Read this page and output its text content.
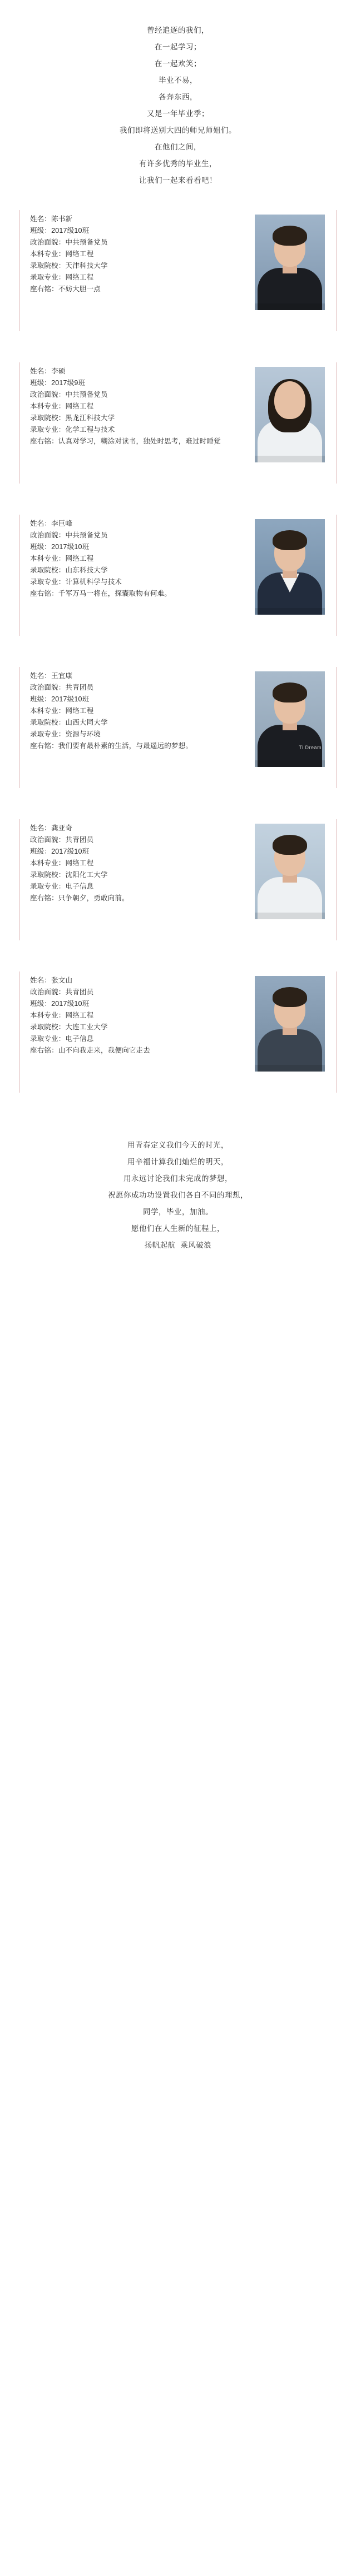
曾经追逐的我们，
在一起学习；
在一起欢笑；
毕业不易，
各奔东西，
又是一年毕业季；
我们即将送别大四的师兄师姐们。
在他们之间，
有许多优秀的毕业生，
让我们一起来看看吧！
姓名：陈书新
班级：2017级10班
政治面貌：中共预备党员
本科专业：网络工程
录取院校：天津科技大学
录取专业：网络工程
座右铭：不妨大胆一点
姓名：李硕
班级：2017级9班
政治面貌：中共预备党员
本科专业：网络工程
录取院校：黑龙江科技大学
录取专业：化学工程与技术
座右铭：认真对学习，糊涂对读书，独处时思考，难过时睡觉
姓名：李巨峰
政治面貌：中共预备党员
班级：2017级10班
本科专业：网络工程
录取院校：山东科技大学
录取专业：计算机科学与技术
座右铭：千军万马一将在，探囊取物有何难。
姓名：王宜康
政治面貌：共青团员
班级：2017级10班
本科专业：网络工程
录取院校：山西大同大学
录取专业：资源与环境
座右铭：我们要有最朴素的生活，与最遥远的梦想。	Ti Dream
姓名：龚亚奇
政治面貌：共青团员
班级：2017级10班
本科专业：网络工程
录取院校：沈阳化工大学
录取专业：电子信息
座右铭：只争朝夕，勇敢向前。
姓名：张文山
政治面貌：共青团员
班级：2017级10班
本科专业：网络工程
录取院校：大连工业大学
录取专业：电子信息
座右铭：山不向我走来，我便向它走去
用青春定义我们今天的时光，
用辛福计算我们灿烂的明天，
用永远讨论我们未完成的梦想，
祝愿你成功功设置我们各自不同的理想，
同学，毕业，加油。
愿他们在人生新的征程上，
扬帆起航  乘风破浪
